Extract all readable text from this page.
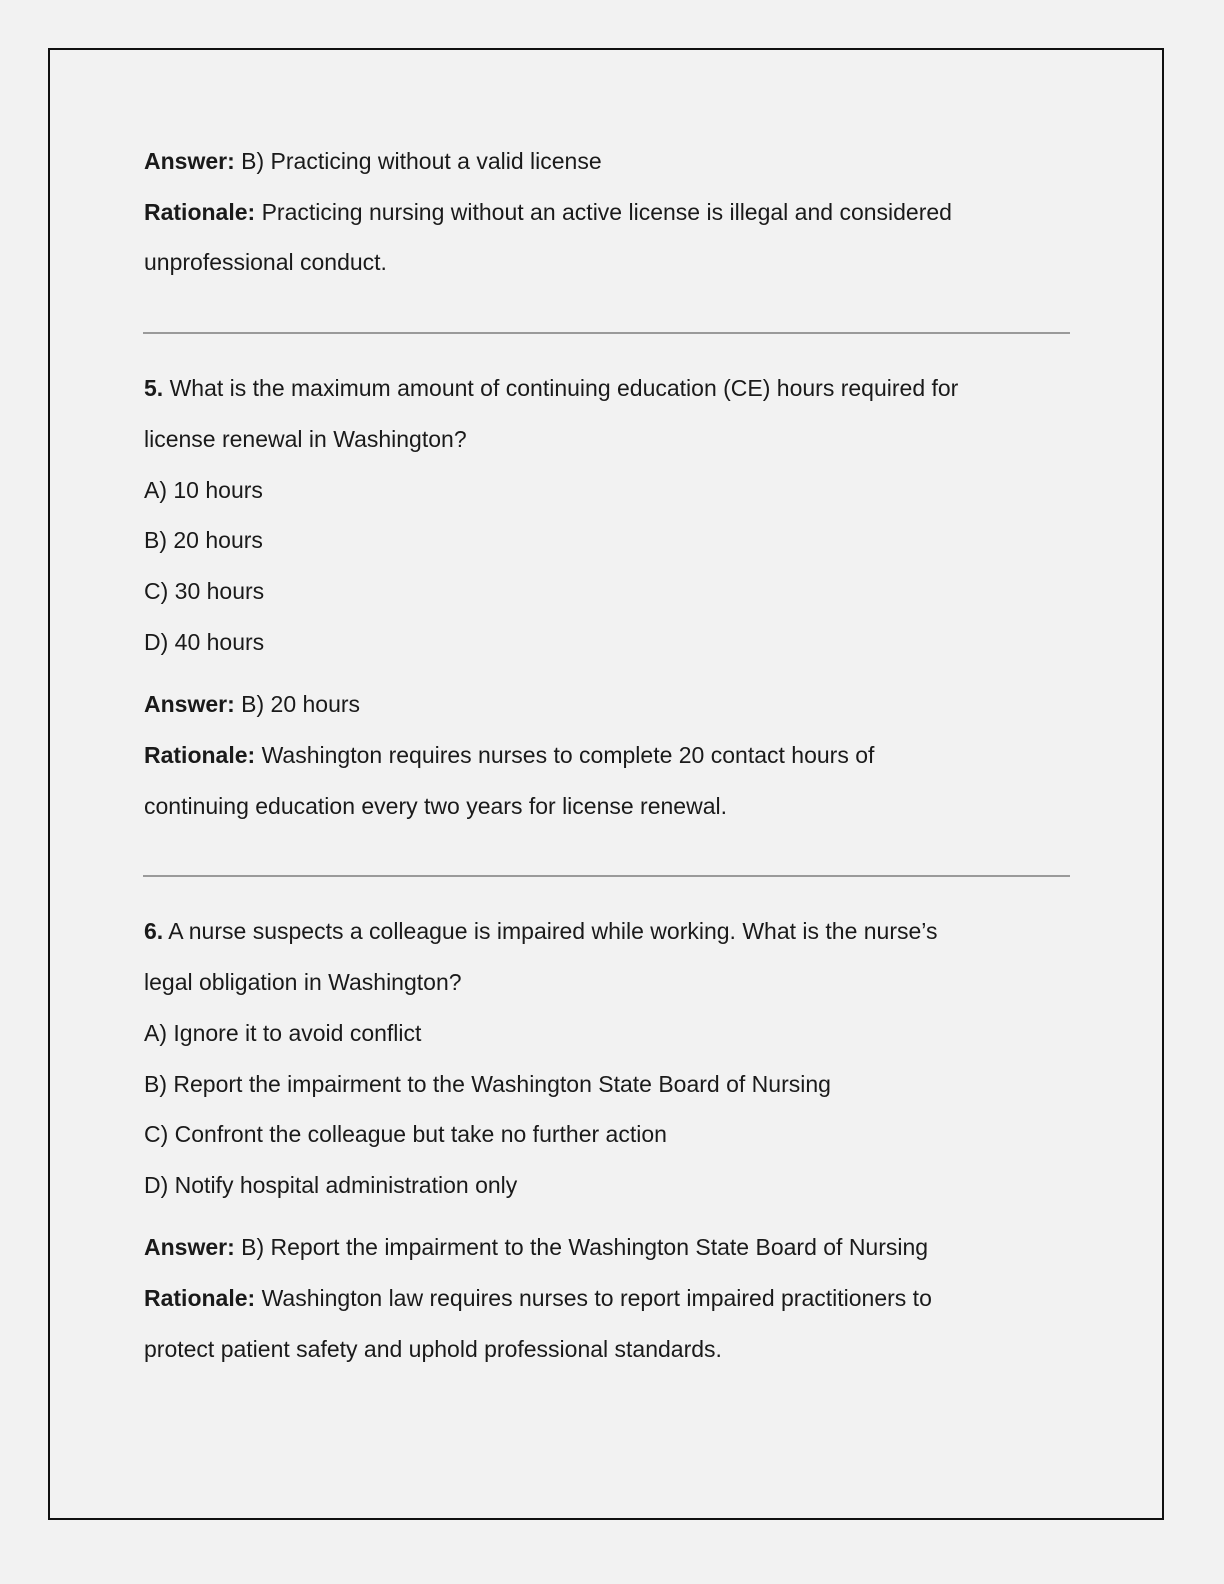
Answer: B) Practicing without a valid license
Rationale: Practicing nursing without an active license is illegal and considered
unprofessional conduct.
5. What is the maximum amount of continuing education (CE) hours required for
license renewal in Washington?
A) 10 hours
B) 20 hours
C) 30 hours
D) 40 hours
Answer: B) 20 hours
Rationale: Washington requires nurses to complete 20 contact hours of
continuing education every two years for license renewal.
6. A nurse suspects a colleague is impaired while working. What is the nurse’s
legal obligation in Washington?
A) Ignore it to avoid conflict
B) Report the impairment to the Washington State Board of Nursing
C) Confront the colleague but take no further action
D) Notify hospital administration only
Answer: B) Report the impairment to the Washington State Board of Nursing
Rationale: Washington law requires nurses to report impaired practitioners to
protect patient safety and uphold professional standards.
